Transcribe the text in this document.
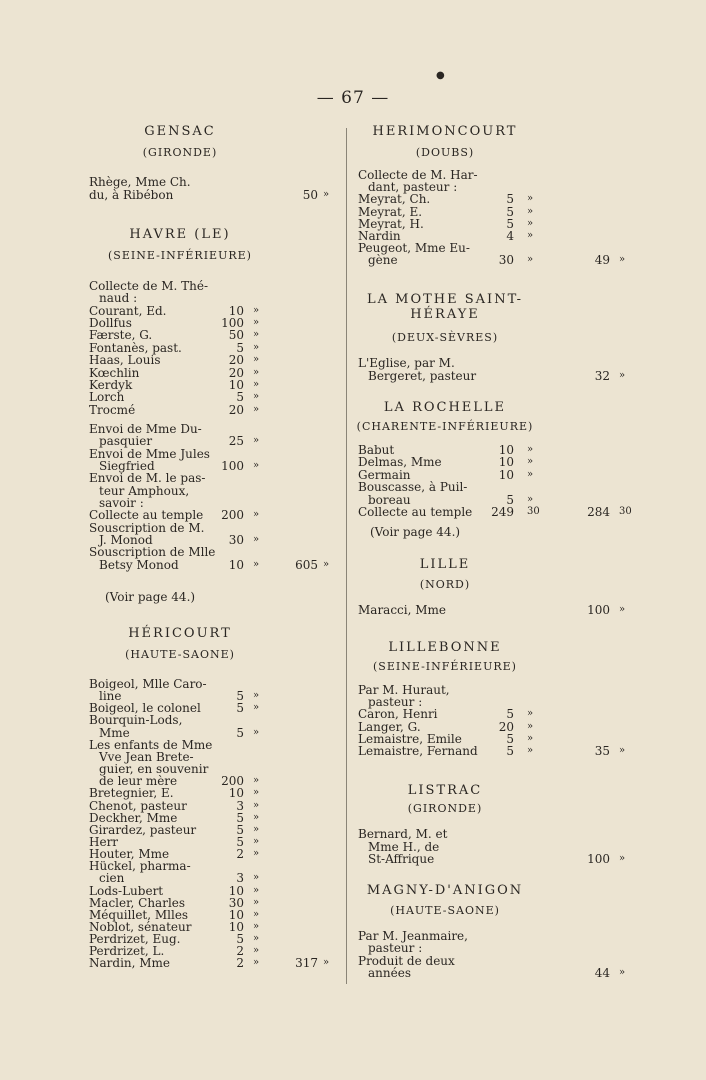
●
— 67 —
GENSAC
(GIRONDE)
Rhège, Mme Ch.
du, à Ribébon	50 »
HAVRE (LE)
(SEINE-INFÉRIEURE)
Collecte de M. Thé-
naud :
Courant, Ed.	10 »
Dollfus	100 »
Færste, G.	50 »
Fontanès, past.	5 »
Haas, Louis	20 »
Kœchlin	20 »
Kerdyk	10 »
Lorch	5 »
Trocmé	20 »
Envoi de Mme Du-
pasquier	25 »
Envoi de Mme Jules
Siegfried	100 »
Envoi de M. le pas-
teur Amphoux,
savoir :
Collecte au temple 200 »
Souscription de M.
J. Monod	30 »
Souscription de Mlle
Betsy Monod	10 »	605 »
(Voir page 44.)
HÉRICOURT
(HAUTE-SAONE)
Boigeol, Mlle Caro-
line	5 »
Boigeol, le colonel	5 »
Bourquin-Lods,
Mme	5 »
Les enfants de Mme
Vve Jean Brete-
guier, en souvenir
de leur mère	200 »
Bretegnier, E.	10 »
Chenot, pasteur	3 »
Deckher, Mme	5 »
Girardez, pasteur	5 »
Herr	5 »
Houter, Mme	2 »
Hückel, pharma-
cien	3 »
Lods-Lubert	10 »
Macler, Charles	30 »
Méquillet, Mlles	10 »
Noblot, sénateur	10 »
Perdrizet, Eug.	5 »
Perdrizet, L.	2 »
Nardin, Mme	2 »	317 »
HERIMONCOURT
(DOUBS)
Collecte de M. Har-
dant, pasteur :
Meyrat, Ch.	5 »
Meyrat, E.	5 »
Meyrat, H.	5 »
Nardin	4 »
Peugeot, Mme Eu-
gène	30 »	49 »
LA MOTHE SAINT-
HÉRAYE
(DEUX-SÈVRES)
L'Eglise, par M.
Bergeret, pasteur	32 »
LA ROCHELLE
(CHARENTE-INFÉRIEURE)
Babut	10 »
Delmas, Mme	10 »
Germain	10 »
Bouscasse, à Puil-
boreau	5 »
Collecte au temple 249 30	284 30
(Voir page 44.)
LILLE
(NORD)
Maracci, Mme	100 »
LILLEBONNE
(SEINE-INFÉRIEURE)
Par M. Huraut,
pasteur :
Caron, Henri	5 »
Langer, G.	20 »
Lemaistre, Emile	5 »
Lemaistre, Fernand 5 »	35 »
LISTRAC
(GIRONDE)
Bernard, M. et
Mme H., de
St-Affrique	100 »
MAGNY-D'ANIGON
(HAUTE-SAONE)
Par M. Jeanmaire,
pasteur :
Produit de deux
années	44 »
